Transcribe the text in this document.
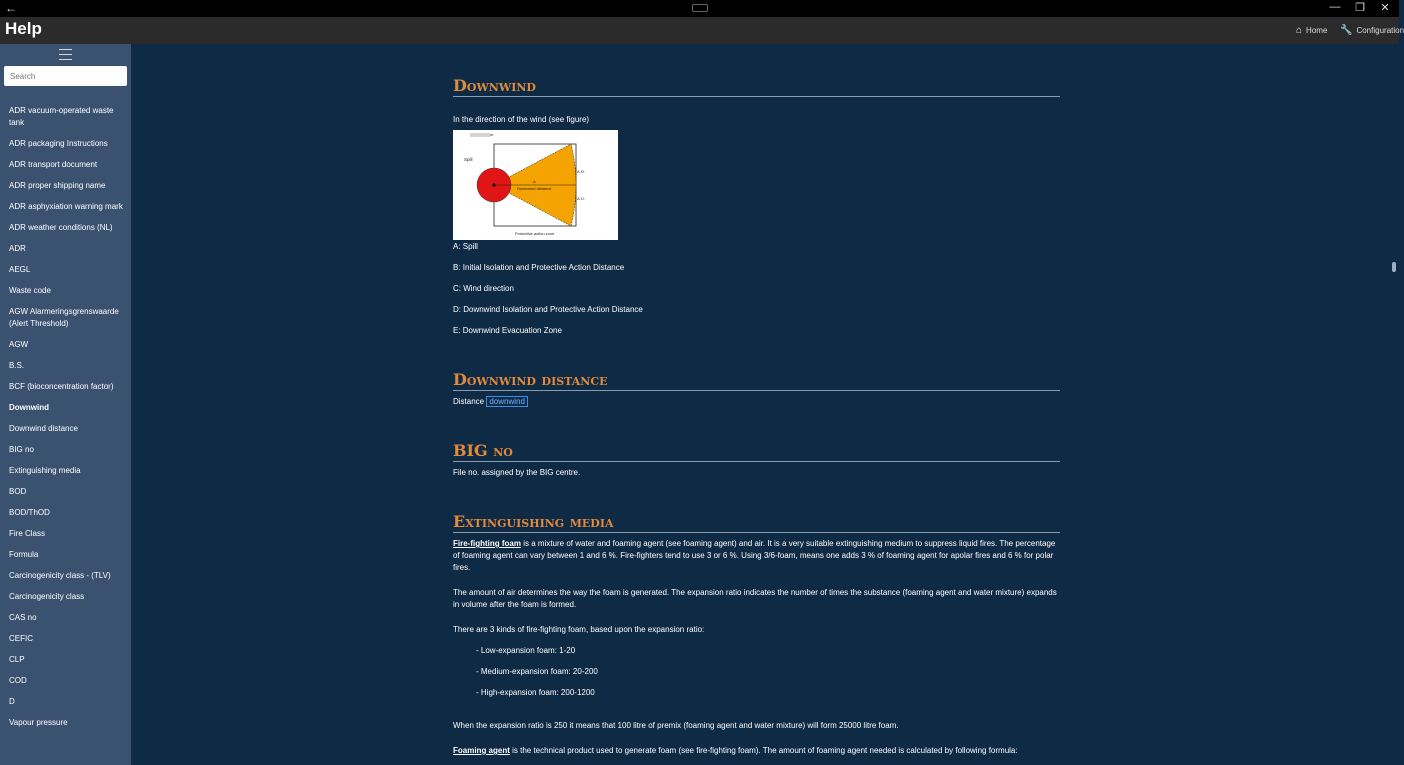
←	— ❐ ✕
Help	⌂ Home 🔧 Configuration
Search
ADR vacuum-operated waste tank
ADR packaging Instructions
ADR transport document
ADR proper shipping name
ADR asphyxiation warning mark
ADR weather conditions (NL)
ADR
AEGL
Waste code
AGW Alarmeringsgrenswaarde (Alert Threshold)
AGW
B.S.
BCF (bioconcentration factor)
Downwind
Downwind distance
BIG no
Extinguishing media
BOD
BOD/ThOD
Fire Class
Formula
Carcinogenicity class - (TLV)
Carcinogenicity class
CAS no
CEFIC
CLP
COD
D
Vapour pressure
Downwind

In the direction of the wind (see figure)

Spill
A
Downwind distance
A.O.
A.O.
Protective action zone

A: Spill

B: Initial Isolation and Protective Action Distance

C: Wind direction

D: Downwind Isolation and Protective Action Distance

E: Downwind Evacuation Zone

Downwind distance

Distance downwind

BIG no

File no. assigned by the BIG centre.

Extinguishing media

Fire-fighting foam is a mixture of water and foaming agent (see foaming agent) and air. It is a very suitable extinguishing medium to suppress liquid fires. The percentage of foaming agent can vary between 1 and 6 %. Fire-fighters tend to use 3 or 6 %. Using 3/6-foam, means one adds 3 % of foaming agent for apolar fires and 6 % for polar fires.

The amount of air determines the way the foam is generated. The expansion ratio indicates the number of times the substance (foaming agent and water mixture) expands in volume after the foam is formed.

There are 3 kinds of fire-fighting foam, based upon the expansion ratio:

- Low-expansion foam: 1-20

- Medium-expansion foam: 20-200

- High-expansion foam: 200-1200

When the expansion ratio is 250 it means that 100 litre of premix (foaming agent and water mixture) will form 25000 litre foam.

Foaming agent is the technical product used to generate foam (see fire-fighting foam). The amount of foaming agent needed is calculated by following formula:
